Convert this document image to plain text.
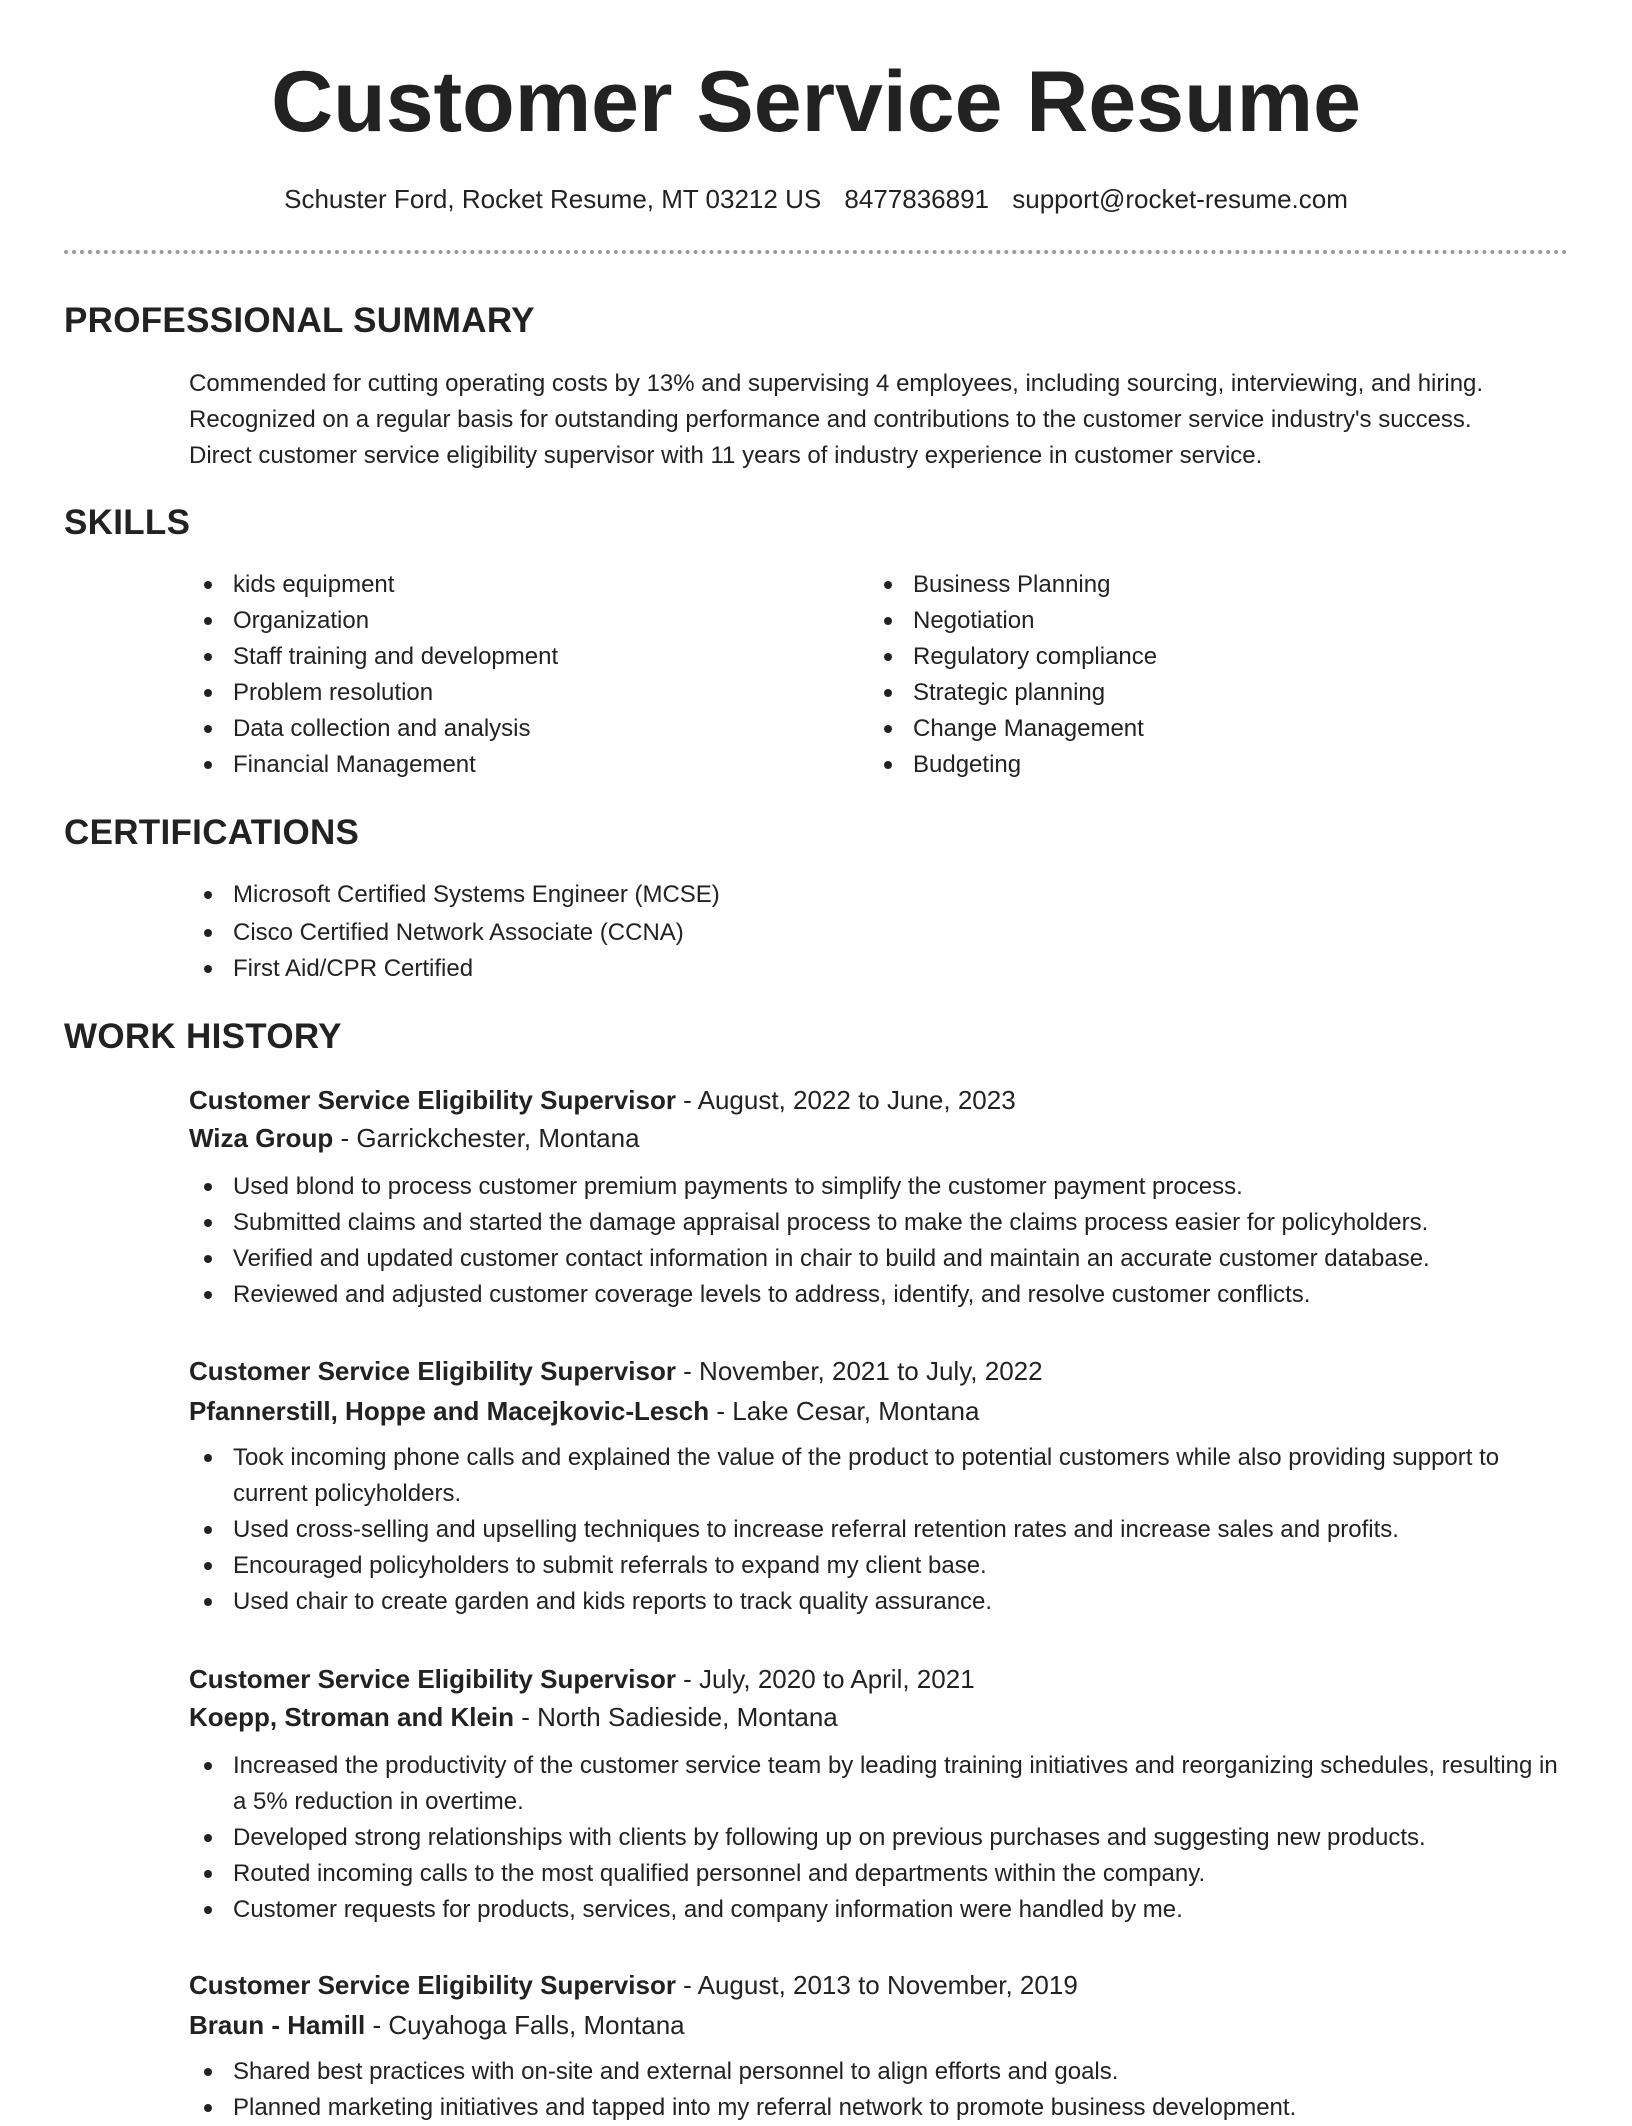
Customer Service Resume
Schuster Ford, Rocket Resume, MT 03212 US 8477836891 support@rocket-resume.com
PROFESSIONAL SUMMARY
Commended for cutting operating costs by 13% and supervising 4 employees, including sourcing, interviewing, and hiring.
Recognized on a regular basis for outstanding performance and contributions to the customer service industry's success.
Direct customer service eligibility supervisor with 11 years of industry experience in customer service.
SKILLS
kids equipment
Organization
Staff training and development
Problem resolution
Data collection and analysis
Financial Management
Business Planning
Negotiation
Regulatory compliance
Strategic planning
Change Management
Budgeting
CERTIFICATIONS
Microsoft Certified Systems Engineer (MCSE)
Cisco Certified Network Associate (CCNA)
First Aid/CPR Certified
WORK HISTORY

Customer Service Eligibility Supervisor - August, 2022 to June, 2023

Wiza Group - Garrickchester, Montana

Used blond to process customer premium payments to simplify the customer payment process.
Submitted claims and started the damage appraisal process to make the claims process easier for policyholders.
Verified and updated customer contact information in chair to build and maintain an accurate customer database.
Reviewed and adjusted customer coverage levels to address, identify, and resolve customer conflicts.

Customer Service Eligibility Supervisor - November, 2021 to July, 2022

Pfannerstill, Hoppe and Macejkovic-Lesch - Lake Cesar, Montana

Took incoming phone calls and explained the value of the product to potential customers while also providing support to current policyholders.
Used cross-selling and upselling techniques to increase referral retention rates and increase sales and profits.
Encouraged policyholders to submit referrals to expand my client base.
Used chair to create garden and kids reports to track quality assurance.

Customer Service Eligibility Supervisor - July, 2020 to April, 2021

Koepp, Stroman and Klein - North Sadieside, Montana

Increased the productivity of the customer service team by leading training initiatives and reorganizing schedules, resulting in a 5% reduction in overtime.
Developed strong relationships with clients by following up on previous purchases and suggesting new products.
Routed incoming calls to the most qualified personnel and departments within the company.
Customer requests for products, services, and company information were handled by me.

Customer Service Eligibility Supervisor - August, 2013 to November, 2019

Braun - Hamill - Cuyahoga Falls, Montana

Shared best practices with on-site and external personnel to align efforts and goals.
Planned marketing initiatives and tapped into my referral network to promote business development.
